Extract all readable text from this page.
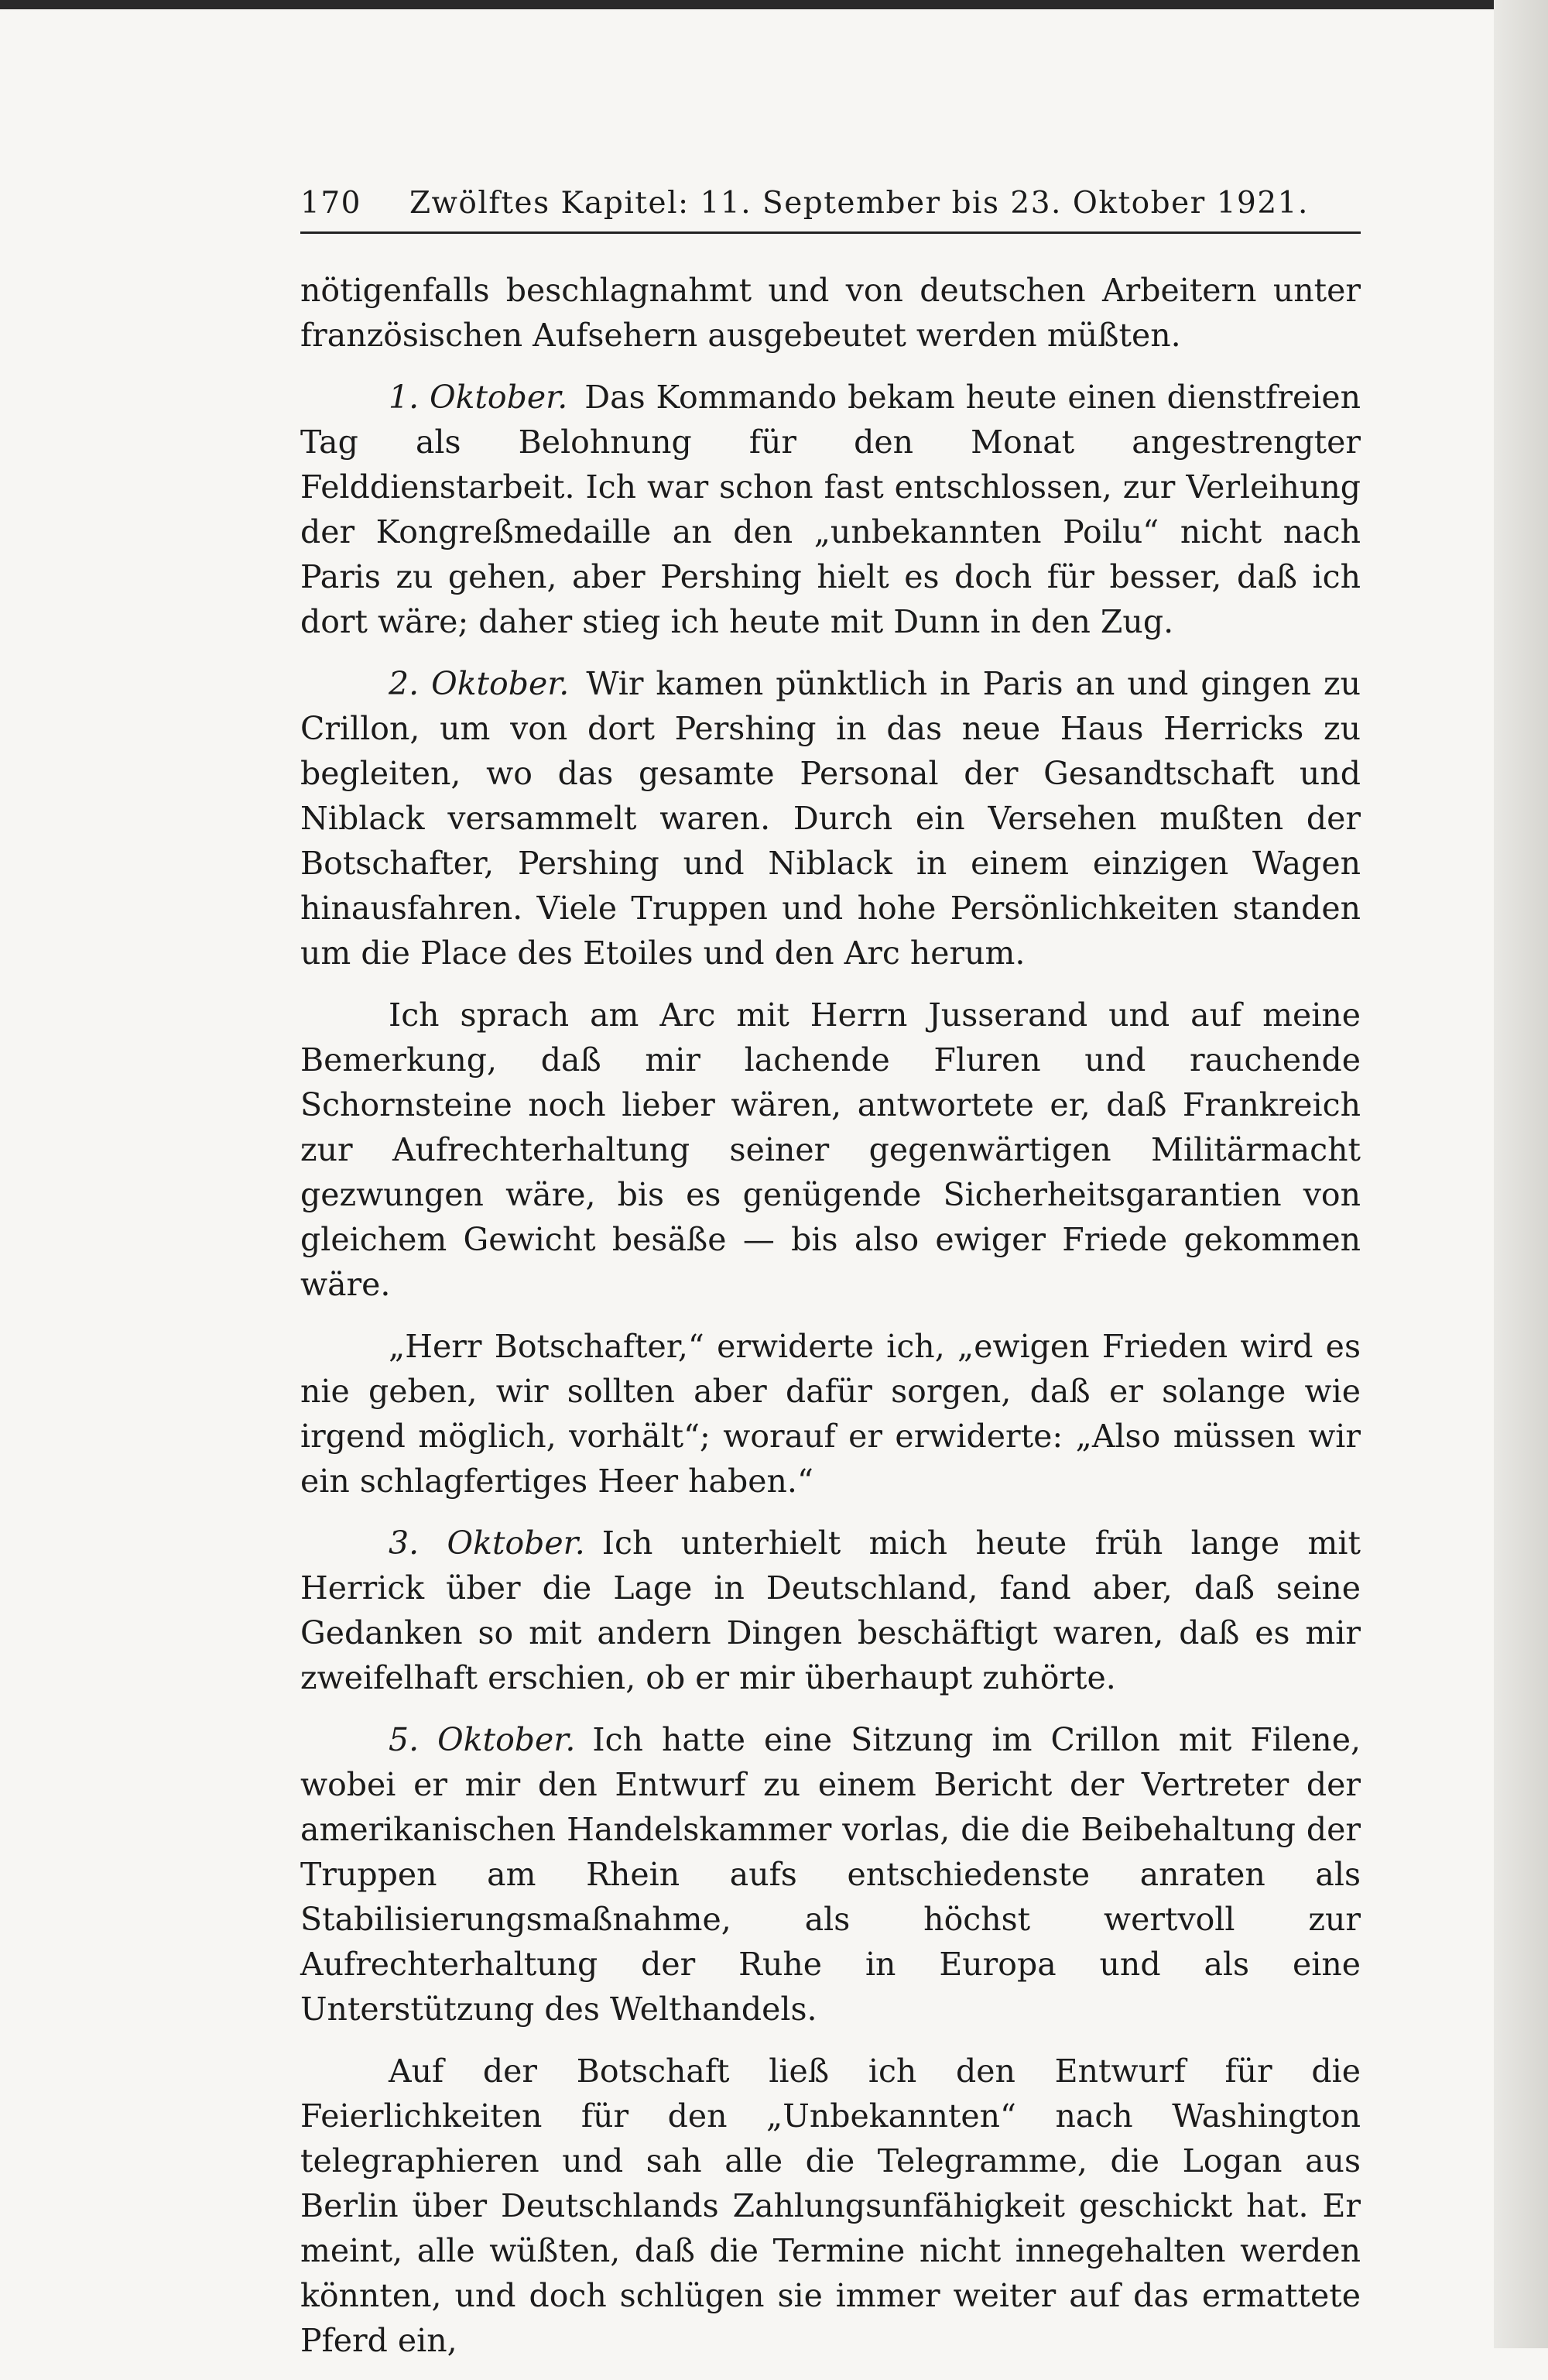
170 Zwölftes Kapitel: 11. September bis 23. Oktober 1921.

nötigenfalls beschlagnahmt und von deutschen Arbeitern unter französischen Aufsehern ausgebeutet werden müßten.

1. Oktober. Das Kommando bekam heute einen dienstfreien Tag als Belohnung für den Monat angestrengter Felddienstarbeit. Ich war schon fast entschlossen, zur Verleihung der Kongreßmedaille an den „unbekannten Poilu“ nicht nach Paris zu gehen, aber Pershing hielt es doch für besser, daß ich dort wäre; daher stieg ich heute mit Dunn in den Zug.

2. Oktober. Wir kamen pünktlich in Paris an und gingen zu Crillon, um von dort Pershing in das neue Haus Herricks zu begleiten, wo das gesamte Personal der Gesandtschaft und Niblack versammelt waren. Durch ein Versehen mußten der Botschafter, Pershing und Niblack in einem einzigen Wagen hinausfahren. Viele Truppen und hohe Persönlichkeiten standen um die Place des Etoiles und den Arc herum.

Ich sprach am Arc mit Herrn Jusserand und auf meine Bemerkung, daß mir lachende Fluren und rauchende Schornsteine noch lieber wären, antwortete er, daß Frankreich zur Aufrechterhaltung seiner gegenwärtigen Militärmacht gezwungen wäre, bis es genügende Sicherheitsgarantien von gleichem Gewicht besäße — bis also ewiger Friede gekommen wäre.

„Herr Botschafter,“ erwiderte ich, „ewigen Frieden wird es nie geben, wir sollten aber dafür sorgen, daß er solange wie irgend möglich, vorhält“; worauf er erwiderte: „Also müssen wir ein schlagfertiges Heer haben.“

3. Oktober. Ich unterhielt mich heute früh lange mit Herrick über die Lage in Deutschland, fand aber, daß seine Gedanken so mit andern Dingen beschäftigt waren, daß es mir zweifelhaft erschien, ob er mir überhaupt zuhörte.

5. Oktober. Ich hatte eine Sitzung im Crillon mit Filene, wobei er mir den Entwurf zu einem Bericht der Vertreter der amerikanischen Handelskammer vorlas, die die Beibehaltung der Truppen am Rhein aufs entschiedenste anraten als Stabilisierungsmaßnahme, als höchst wertvoll zur Aufrechterhaltung der Ruhe in Europa und als eine Unterstützung des Welthandels.

Auf der Botschaft ließ ich den Entwurf für die Feierlichkeiten für den „Unbekannten“ nach Washington telegraphieren und sah alle die Telegramme, die Logan aus Berlin über Deutschlands Zahlungsunfähigkeit geschickt hat. Er meint, alle wüßten, daß die Termine nicht innegehalten werden könnten, und doch schlügen sie immer weiter auf das ermattete Pferd ein,
